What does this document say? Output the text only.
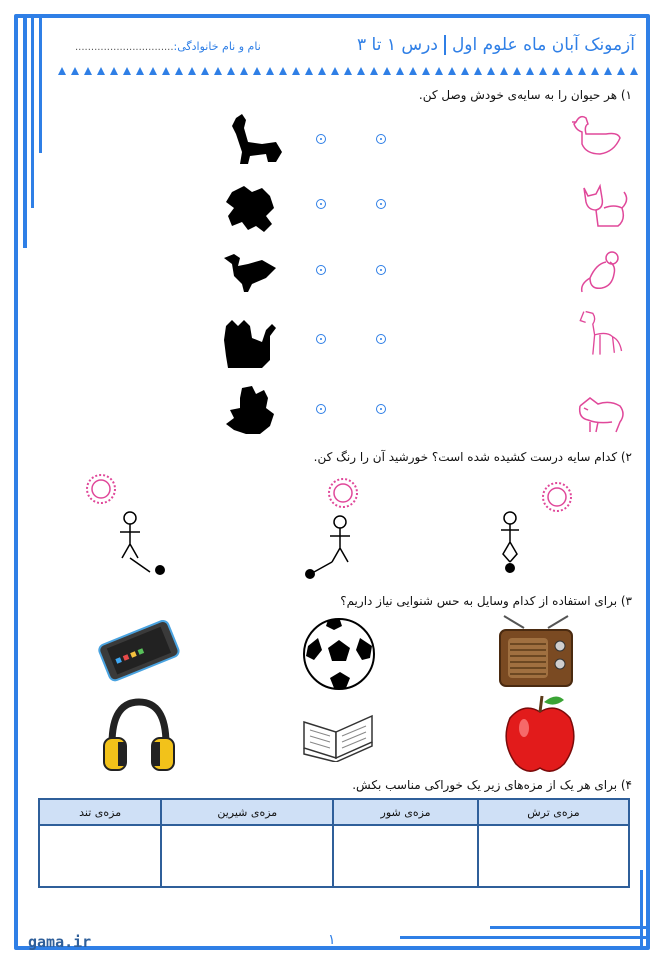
آزمونک آبان ماه علوم اولدرس ۱ تا ۳
نام و نام خانوادگی:...............................
۱) هر حیوان را به سایه‌ی خودش وصل کن.
۲) کدام سایه درست کشیده شده است؟ خورشید آن را رنگ کن.
۳) برای استفاده از کدام وسایل به حس شنوایی نیاز داریم؟
۴) برای هر یک از مزه‌های زیر یک خوراکی مناسب بکش.
مزه‌ی ترش	مزه‌ی شور	مزه‌ی شیرین	مزه‌ی تند

gama.ir	۱
